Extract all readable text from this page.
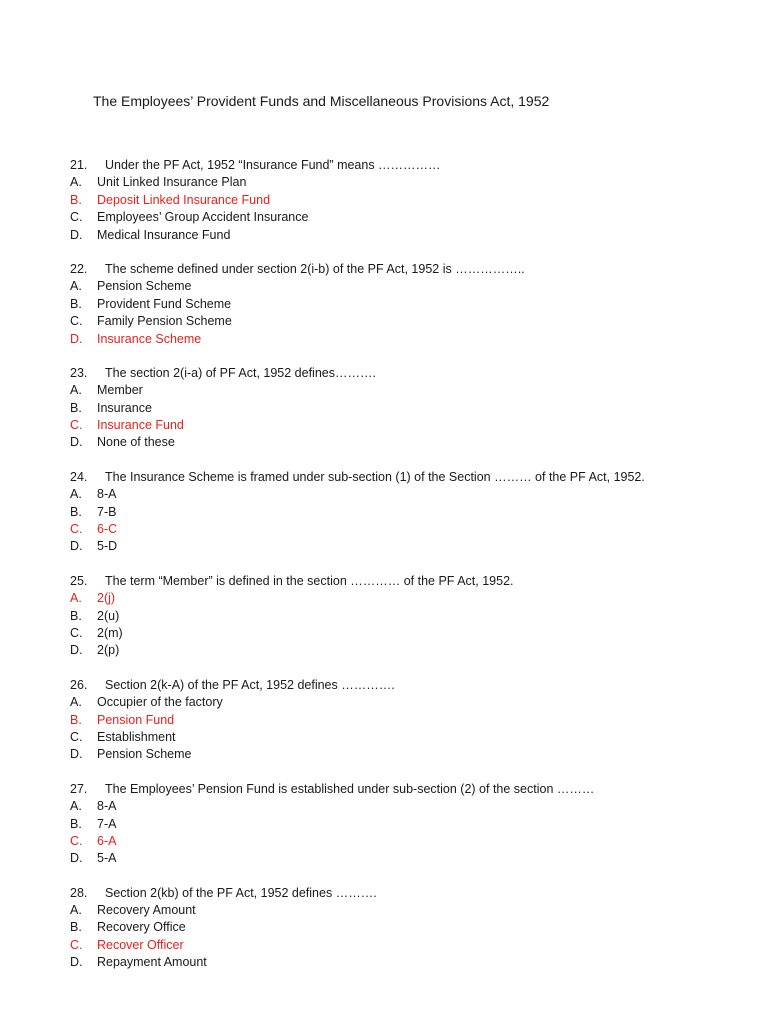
The Employees’ Provident Funds and Miscellaneous Provisions Act, 1952
21. Under the PF Act, 1952 “Insurance Fund” means ……………
A. Unit Linked Insurance Plan
B. Deposit Linked Insurance Fund
C. Employees’ Group Accident Insurance
D. Medical Insurance Fund
22. The scheme defined under section 2(i-b) of the PF Act, 1952 is ……………..
A. Pension Scheme
B. Provident Fund Scheme
C. Family Pension Scheme
D. Insurance Scheme
23. The section 2(i-a) of PF Act, 1952 defines……….
A. Member
B. Insurance
C. Insurance Fund
D. None of these
24. The Insurance Scheme is framed under sub-section (1) of the Section ……… of the PF Act, 1952.
A. 8-A
B. 7-B
C. 6-C
D. 5-D
25. The term “Member” is defined in the section ………… of the PF Act, 1952.
A. 2(j)
B. 2(u)
C. 2(m)
D. 2(p)
26. Section 2(k-A) of the PF Act, 1952 defines ………….
A. Occupier of the factory
B. Pension Fund
C. Establishment
D. Pension Scheme
27. The Employees’ Pension Fund is established under sub-section (2) of the section ………
A. 8-A
B. 7-A
C. 6-A
D. 5-A
28. Section 2(kb) of the PF Act, 1952 defines ……….
A. Recovery Amount
B. Recovery Office
C. Recover Officer
D. Repayment Amount
